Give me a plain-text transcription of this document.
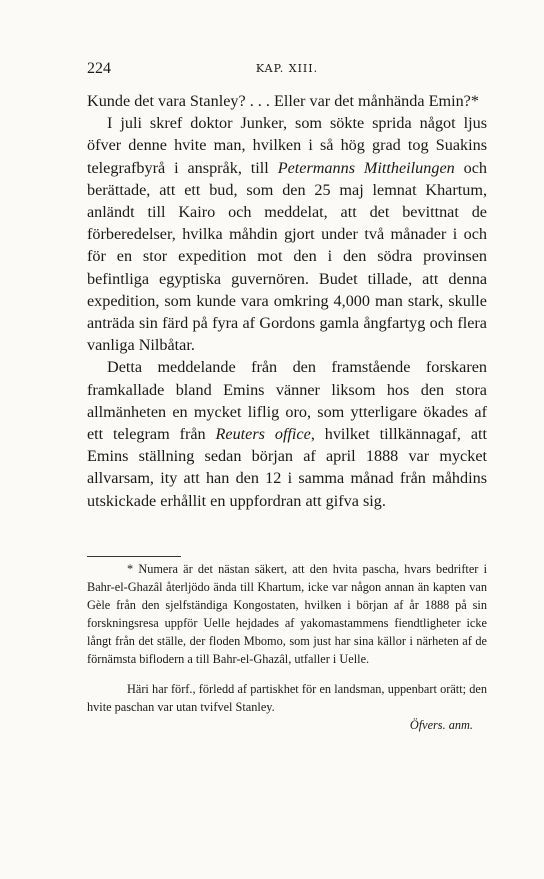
224	KAP. XIII.

Kunde det vara Stanley? . . . Eller var det månhända Emin?*

I juli skref doktor Junker, som sökte sprida något ljus öfver denne hvite man, hvilken i så hög grad tog Suakins telegrafbyrå i anspråk, till Petermanns Mittheilungen och berättade, att ett bud, som den 25 maj lemnat Khartum, anländt till Kairo och meddelat, att det bevittnat de förberedelser, hvilka måhdin gjort under två månader i och för en stor expedition mot den i den södra provinsen befintliga egyptiska guvernören. Budet tillade, att denna expedition, som kunde vara omkring 4,000 man stark, skulle anträda sin färd på fyra af Gordons gamla ångfartyg och flera vanliga Nilbåtar.

Detta meddelande från den framstående forskaren framkallade bland Emins vänner liksom hos den stora allmänheten en mycket liflig oro, som ytterligare ökades af ett telegram från Reuters office, hvilket tillkännagaf, att Emins ställning sedan början af april 1888 var mycket allvarsam, ity att han den 12 i samma månad från måhdins utskickade erhållit en uppfordran att gifva sig.

* Numera är det nästan säkert, att den hvita pascha, hvars bedrifter i Bahr-el-Ghazâl återljödo ända till Khartum, icke var någon annan än kapten van Gèle från den sjelfständiga Kongostaten, hvilken i början af år 1888 på sin forskningsresa uppför Uelle hejdades af yakomastammens fiendtligheter icke långt från det ställe, der floden Mbomo, som just har sina källor i närheten af de förnämsta biflodern a till Bahr-el-Ghazâl, utfaller i Uelle.

Häri har förf., förledd af partiskhet för en landsman, uppenbart orätt; den hvite paschan var utan tvifvel Stanley.

Öfvers. anm.
